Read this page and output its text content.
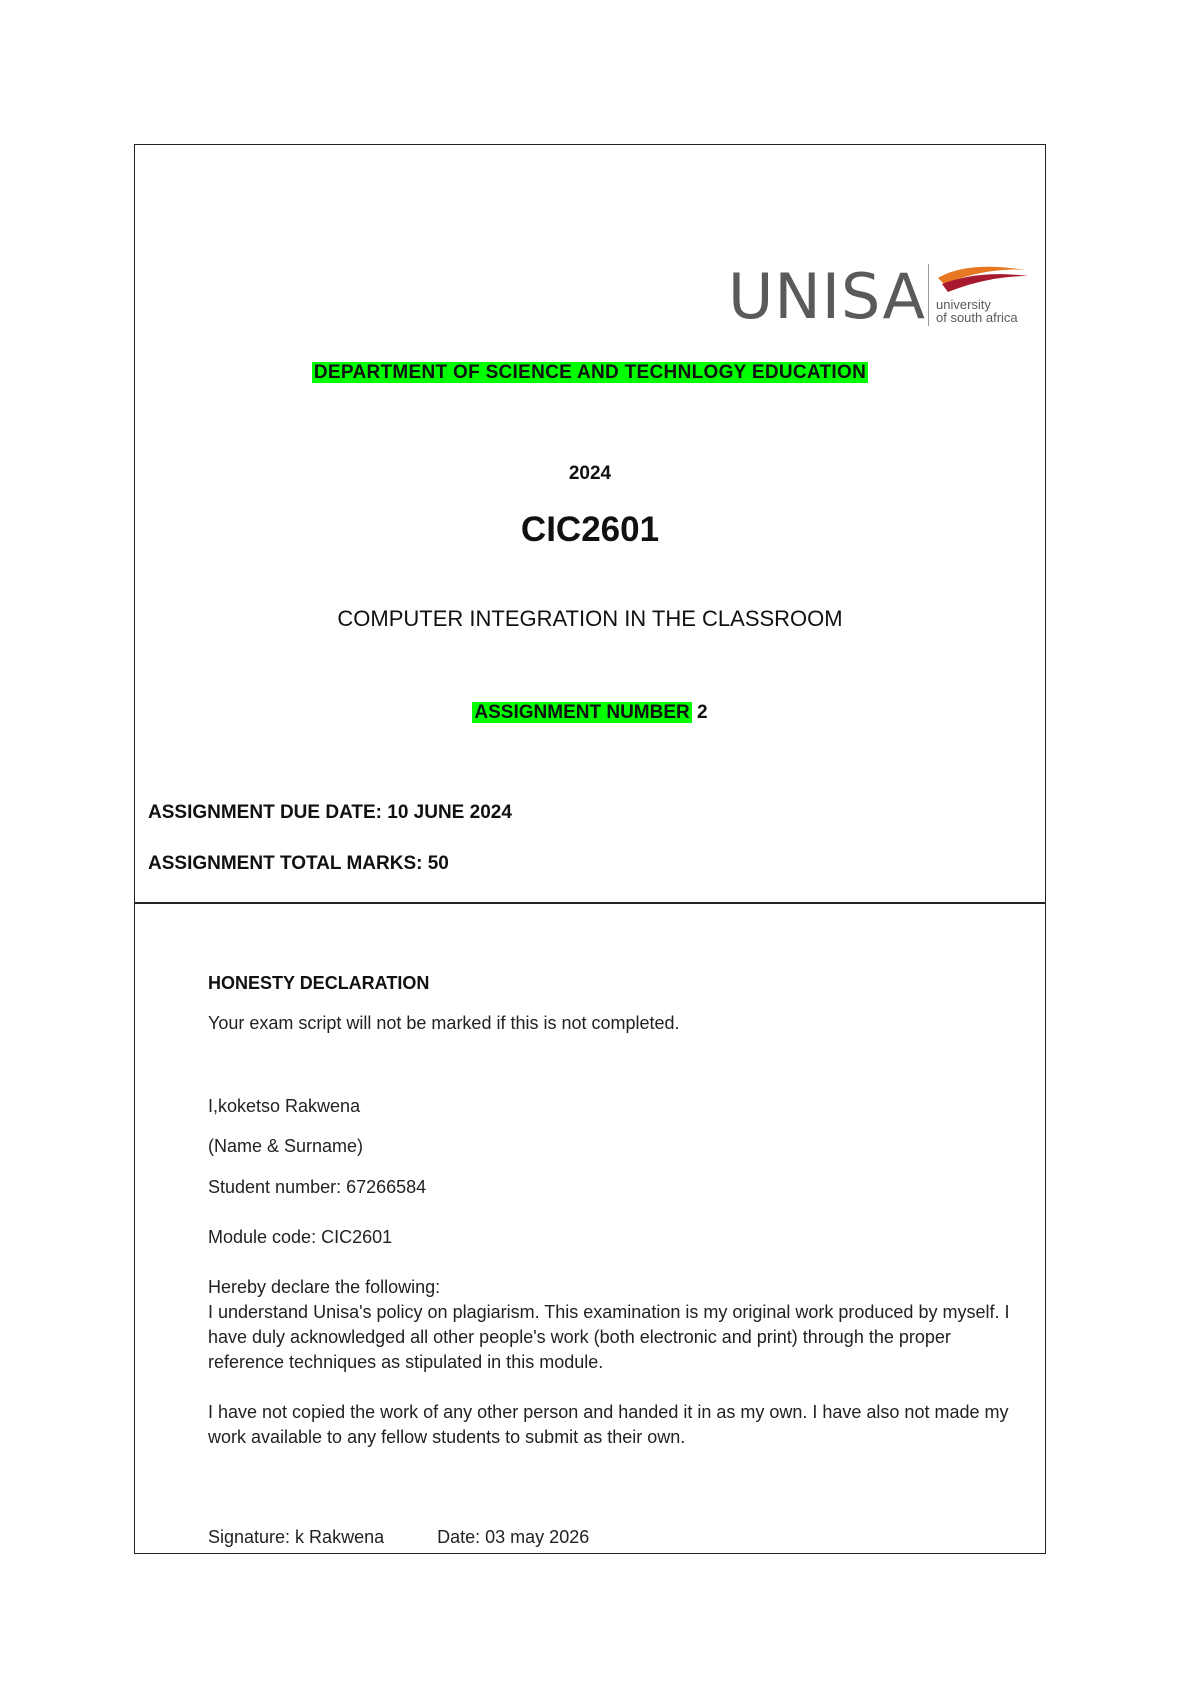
UNISA university
of south africa
DEPARTMENT OF SCIENCE AND TECHNLOGY EDUCATION
2024
CIC2601
COMPUTER INTEGRATION IN THE CLASSROOM
ASSIGNMENT NUMBER 2
ASSIGNMENT DUE DATE: 10 JUNE 2024
ASSIGNMENT TOTAL MARKS: 50
HONESTY DECLARATION
Your exam script will not be marked if this is not completed.
I,koketso Rakwena
(Name & Surname)
Student number: 67266584
Module code: CIC2601
Hereby declare the following:
I understand Unisa's policy on plagiarism. This examination is my original work produced by myself. I have duly acknowledged all other people's work (both electronic and print) through the proper reference techniques as stipulated in this module.
I have not copied the work of any other person and handed it in as my own. I have also not made my work available to any fellow students to submit as their own.
Signature: k Rakwena	Date: 03 may 2026
